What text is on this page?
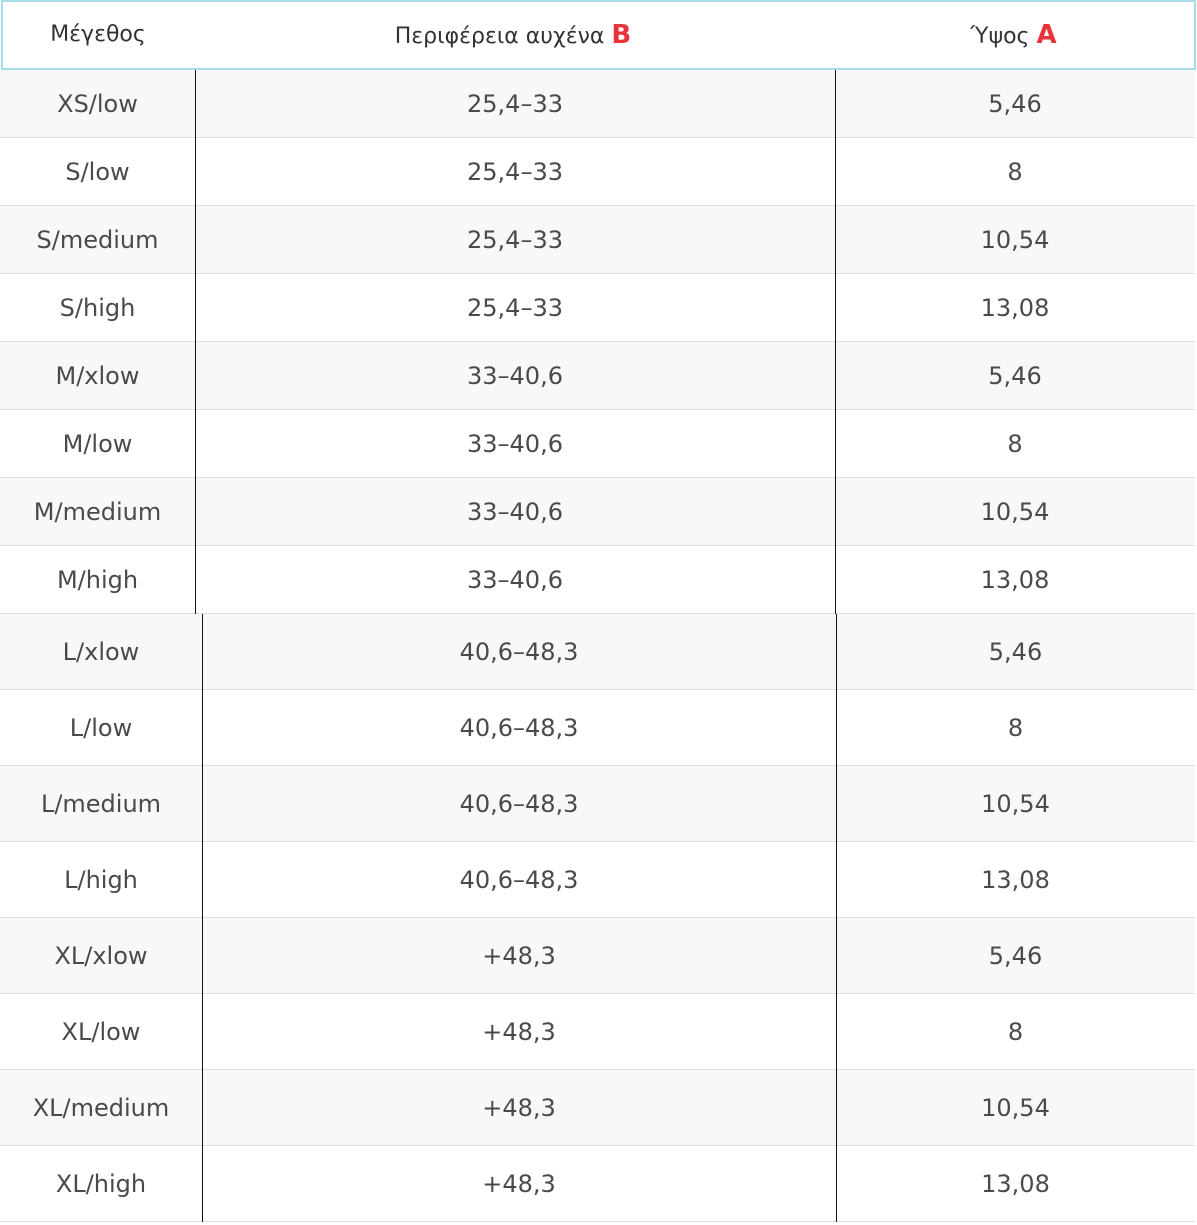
Μέγεθος	Περιφέρεια αυχένα B	Ύψος A
XS/low	25,4–33	5,46
S/low	25,4–33	8
S/medium	25,4–33	10,54
S/high	25,4–33	13,08
M/xlow	33–40,6	5,46
M/low	33–40,6	8
M/medium	33–40,6	10,54
M/high	33–40,6	13,08
L/xlow	40,6–48,3	5,46
L/low	40,6–48,3	8
L/medium	40,6–48,3	10,54
L/high	40,6–48,3	13,08
XL/xlow	+48,3	5,46
XL/low	+48,3	8
XL/medium	+48,3	10,54
XL/high	+48,3	13,08
